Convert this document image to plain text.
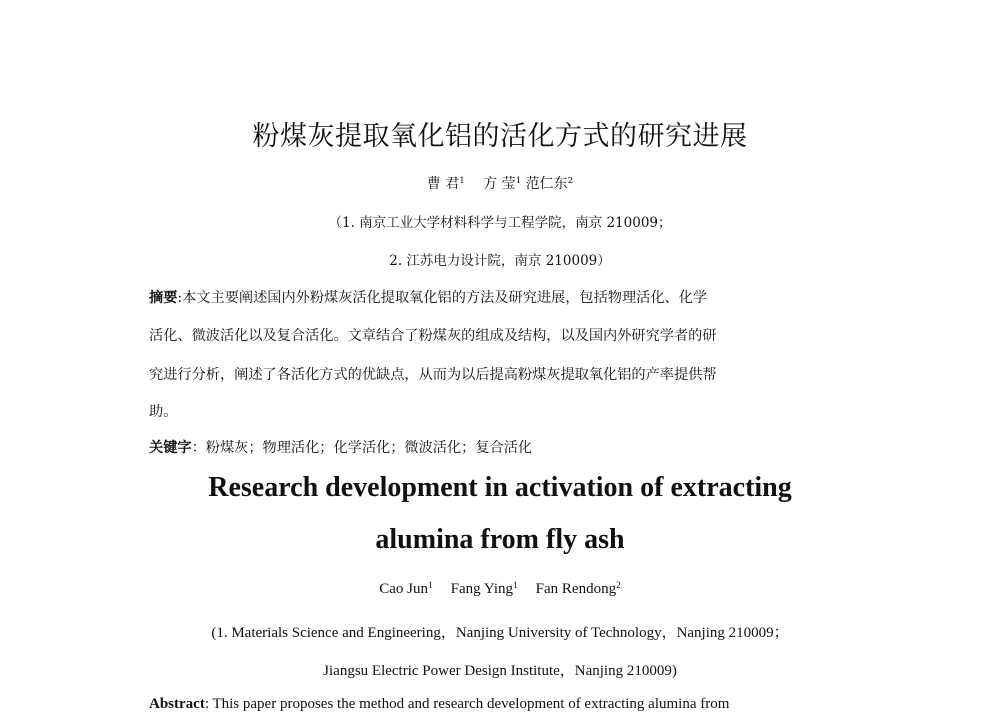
粉煤灰提取氧化铝的活化方式的研究进展
曹 君$^1$ 方 莹$^1$ 范仁东$^2$
（1. 南京工业大学材料科学与工程学院，南京 210009；
2. 江苏电力设计院，南京 210009）
摘要:本文主要阐述国内外粉煤灰活化提取氧化铝的方法及研究进展，包括物理活化、化学
活化、微波活化以及复合活化。文章结合了粉煤灰的组成及结构，以及国内外研究学者的研
究进行分析，阐述了各活化方式的优缺点，从而为以后提高粉煤灰提取氧化铝的产率提供帮
助。
关键字：粉煤灰；物理活化；化学活化；微波活化；复合活化
Research development in activation of extracting
alumina from fly ash
Cao Jun$^1$ Fang Ying$^1$ Fan Rendong$^2$
(1. Materials Science and Engineering，Nanjing University of Technology，Nanjing 210009；
Jiangsu Electric Power Design Institute，Nanjing 210009)
Abstract: This paper proposes the method and research development of extracting alumina from
